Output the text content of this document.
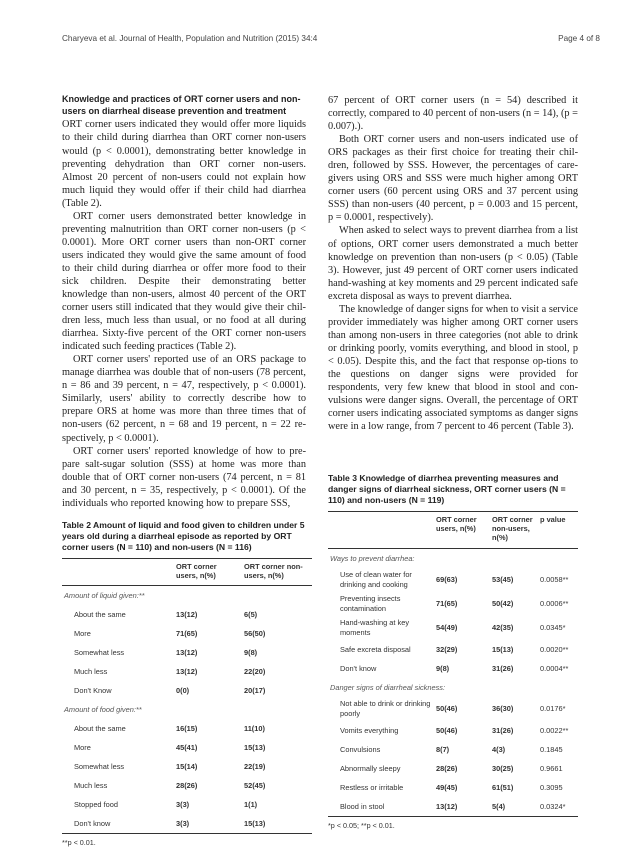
Charyeva et al. Journal of Health, Population and Nutrition (2015) 34:4	Page 4 of 8
Knowledge and practices of ORT corner users and non-users on diarrheal disease prevention and treatment

ORT corner users indicated they would offer more liquids to their child during diarrhea than ORT corner non-users would (p < 0.0001), demonstrating better knowledge in preventing dehydration than ORT corner non-users. Almost 20 percent of non-users could not explain how much liquid they would offer if their child had diarrhea (Table 2).

ORT corner users demonstrated better knowledge in preventing malnutrition than ORT corner non-users (p < 0.0001). More ORT corner users than non-ORT corner users indicated they would give the same amount of food to their child during diarrhea or offer more food to their sick children. Despite their demonstrating better knowledge than non-users, almost 40 percent of the ORT corner users still indicated that they would give their chil-dren less, much less than usual, or no food at all during diarrhea. Sixty-five percent of the ORT corner non-users indicated such feeding practices (Table 2).

ORT corner users' reported use of an ORS package to manage diarrhea was double that of non-users (78 percent, n = 86 and 39 percent, n = 47, respectively, p < 0.0001). Similarly, users' ability to correctly describe how to prepare ORS at home was more than three times that of non-users (62 percent, n = 68 and 19 percent, n = 22 re-spectively, p < 0.0001).

ORT corner users' reported knowledge of how to pre-pare salt-sugar solution (SSS) at home was more than double that of ORT corner non-users (74 percent, n = 81 and 30 percent, n = 35, respectively, p < 0.0001). Of the individuals who reported knowing how to prepare SSS,

67 percent of ORT corner users (n = 54) described it correctly, compared to 40 percent of non-users (n = 14), (p = 0.007).).

Both ORT corner users and non-users indicated use of ORS packages as their first choice for treating their chil-dren, followed by SSS. However, the percentages of care-givers using ORS and SSS were much higher among ORT corner users (60 percent using ORS and 37 percent using SSS) than non-users (40 percent, p = 0.003 and 15 percent, p = 0.0001, respectively).

When asked to select ways to prevent diarrhea from a list of options, ORT corner users demonstrated a much better knowledge on prevention than non-users (p < 0.05) (Table 3). However, just 49 percent of ORT corner users indicated hand-washing at key moments and 29 percent indicated safe excreta disposal as ways to prevent diarrhea.

The knowledge of danger signs for when to visit a service provider immediately was higher among ORT corner users than among non-users in three categories (not able to drink or drinking poorly, vomits everything, and blood in stool, p < 0.05). Despite this, and the fact that response op-tions to the questions on danger signs were provided for respondents, very few knew that blood in stool and con-vulsions were danger signs. Overall, the percentage of ORT corner users indicating associated symptoms as danger signs were in a low range, from 7 percent to 46 percent (Table 3).

Table 2 Amount of liquid and food given to children under 5 years old during a diarrheal episode as reported by ORT corner users (N = 110) and non-users (N = 116)
	ORT corner users, n(%)	ORT corner non-users, n(%)
Amount of liquid given:**		
About the same	13(12)	6(5)
More	71(65)	56(50)
Somewhat less	13(12)	9(8)
Much less	13(12)	22(20)
Don't Know	0(0)	20(17)
Amount of food given:**		
About the same	16(15)	11(10)
More	45(41)	15(13)
Somewhat less	15(14)	22(19)
Much less	28(26)	52(45)
Stopped food	3(3)	1(1)
Don't know	3(3)	15(13)
**p < 0.01.
Table 3 Knowledge of diarrhea preventing measures and danger signs of diarrheal sickness, ORT corner users (N = 110) and non-users (N = 119)
	ORT corner users, n(%)	ORT corner non-users, n(%)	p value
Ways to prevent diarrhea:			
Use of clean water for drinking and cooking	69(63)	53(45)	0.0058**
Preventing insects contamination	71(65)	50(42)	0.0006**
Hand-washing at key moments	54(49)	42(35)	0.0345*
Safe excreta disposal	32(29)	15(13)	0.0020**
Don't know	9(8)	31(26)	0.0004**
Danger signs of diarrheal sickness:			
Not able to drink or drinking poorly	50(46)	36(30)	0.0176*
Vomits everything	50(46)	31(26)	0.0022**
Convulsions	8(7)	4(3)	0.1845
Abnormally sleepy	28(26)	30(25)	0.9661
Restless or irritable	49(45)	61(51)	0.3095
Blood in stool	13(12)	5(4)	0.0324*
*p < 0.05; **p < 0.01.
